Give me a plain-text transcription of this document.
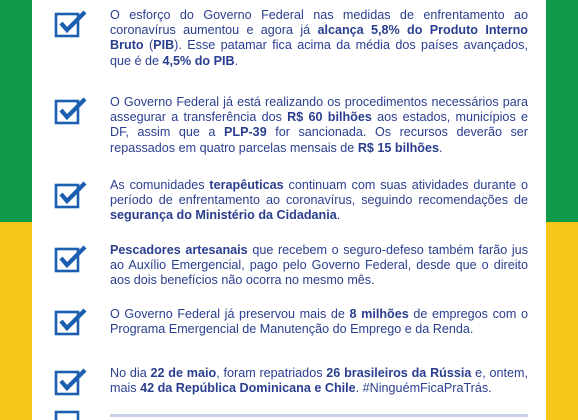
O esforço do Governo Federal nas medidas de enfrentamento ao coronavírus aumentou e agora já alcança 5,8% do Produto Interno Bruto (PIB). Esse patamar fica acima da média dos países avançados, que é de 4,5% do PIB.
O Governo Federal já está realizando os procedimentos necessários para assegurar a transferência dos R$ 60 bilhões aos estados, municípios e DF, assim que a PLP-39 for sancionada. Os recursos deverão ser repassados em quatro parcelas mensais de R$ 15 bilhões.
As comunidades terapêuticas continuam com suas atividades durante o período de enfrentamento ao coronavírus, seguindo recomendações de segurança do Ministério da Cidadania.
Pescadores artesanais que recebem o seguro-defeso também farão jus ao Auxílio Emergencial, pago pelo Governo Federal, desde que o direito aos dois benefícios não ocorra no mesmo mês.
O Governo Federal já preservou mais de 8 milhões de empregos com o Programa Emergencial de Manutenção do Emprego e da Renda.
No dia 22 de maio, foram repatriados 26 brasileiros da Rússia e, ontem, mais 42 da República Dominicana e Chile. #NinguémFicaPraTrás.
